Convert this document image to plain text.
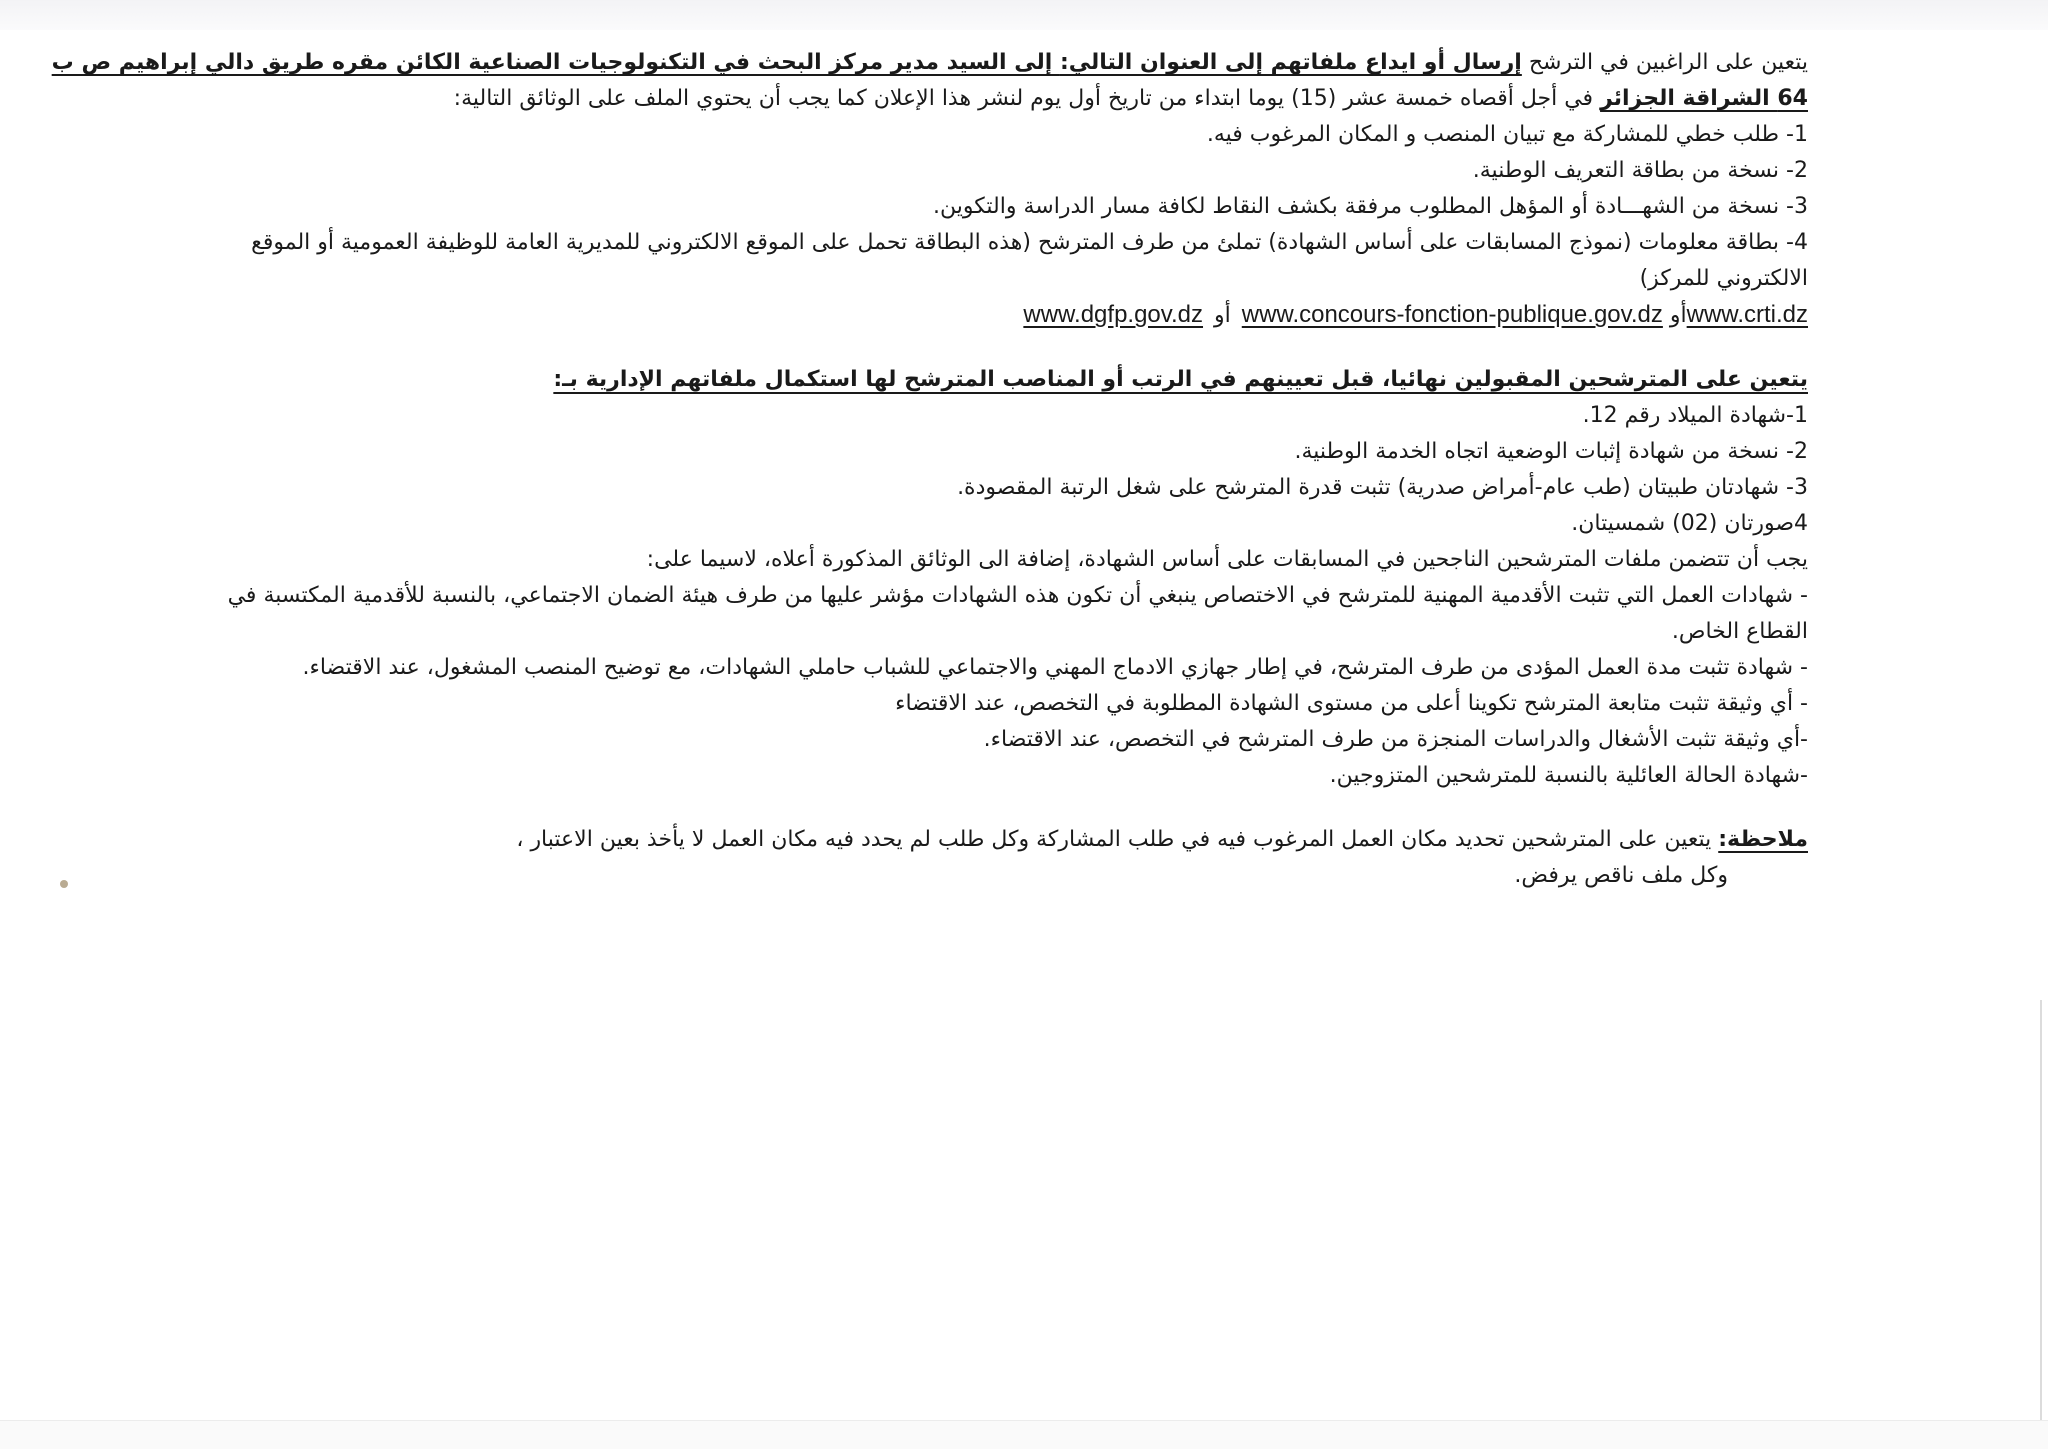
يتعين على الراغبين في الترشح إرسال أو ايداع ملفاتهم إلى العنوان التالي: إلى السيد مدير مركز البحث في التكنولوجيات الصناعية الكائن مقره طريق دالي إبراهيم ص ب
64 الشراقة الجزائر في أجل أقصاه خمسة عشر (15) يوما ابتداء من تاريخ أول يوم لنشر هذا الإعلان كما يجب أن يحتوي الملف على الوثائق التالية:
1- طلب خطي للمشاركة مع تبيان المنصب و المكان المرغوب فيه.
2- نسخة من بطاقة التعريف الوطنية.
3- نسخة من الشهـــادة أو المؤهل المطلوب مرفقة بكشف النقاط لكافة مسار الدراسة والتكوين.
4- بطاقة معلومات (نموذج المسابقات على أساس الشهادة) تملئ من طرف المترشح (هذه البطاقة تحمل على الموقع الالكتروني للمديرية العامة للوظيفة العمومية أو الموقع
الالكتروني للمركز)
www.crti.dzأو www.concours-fonction-publique.gov.dz أو www.dgfp.gov.dz
يتعين على المترشحين المقبولين نهائيا، قبل تعيينهم في الرتب أو المناصب المترشح لها استكمال ملفاتهم الإدارية بـ:
1-شهادة الميلاد رقم 12.
2- نسخة من شهادة إثبات الوضعية اتجاه الخدمة الوطنية.
3- شهادتان طبيتان (طب عام-أمراض صدرية) تثبت قدرة المترشح على شغل الرتبة المقصودة.
4صورتان (02) شمسيتان.
يجب أن تتضمن ملفات المترشحين الناجحين في المسابقات على أساس الشهادة، إضافة الى الوثائق المذكورة أعلاه، لاسيما على:
- شهادات العمل التي تثبت الأقدمية المهنية للمترشح في الاختصاص ينبغي أن تكون هذه الشهادات مؤشر عليها من طرف هيئة الضمان الاجتماعي، بالنسبة للأقدمية المكتسبة في
القطاع الخاص.
- شهادة تثبت مدة العمل المؤدى من طرف المترشح، في إطار جهازي الادماج المهني والاجتماعي للشباب حاملي الشهادات، مع توضيح المنصب المشغول، عند الاقتضاء.
- أي وثيقة تثبت متابعة المترشح تكوينا أعلى من مستوى الشهادة المطلوبة في التخصص، عند الاقتضاء
-أي وثيقة تثبت الأشغال والدراسات المنجزة من طرف المترشح في التخصص، عند الاقتضاء.
-شهادة الحالة العائلية بالنسبة للمترشحين المتزوجين.
ملاحظة: يتعين على المترشحين تحديد مكان العمل المرغوب فيه في طلب المشاركة وكل طلب لم يحدد فيه مكان العمل لا يأخذ بعين الاعتبار ،
وكل ملف ناقص يرفض.
